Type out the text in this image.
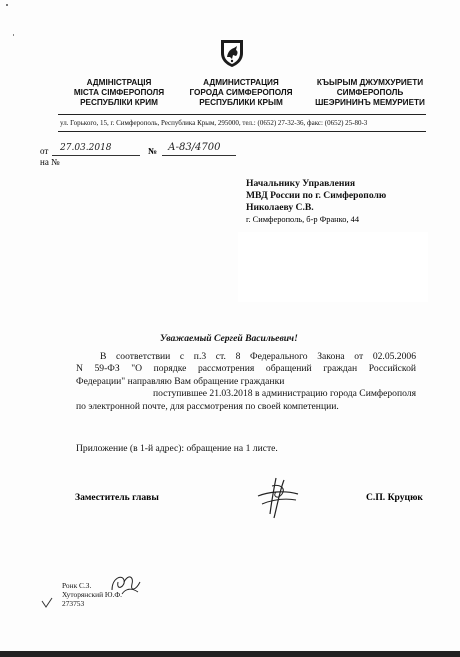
АДМІНІСТРАЦІЯ
МІСТА СІМФЕРОПОЛЯ
РЕСПУБЛІКИ КРИМ
АДМИНИСТРАЦИЯ
ГОРОДА СИМФЕРОПОЛЯ
РЕСПУБЛИКИ КРЫМ
КЪЫРЫМ ДЖУМХУРИЕТИ
СИМФЕРОПОЛЬ
ШЕЭРИНИНЪ МЕМУРИЕТИ
ул. Горького, 15, г. Симферополь, Республика Крым, 295000, тел.: (0652) 27-32-36, факс: (0652) 25-80-3
от 27.03.2018	№ А-83/4700
на №
Начальнику Управления
МВД России по г. Симферополю
Николаеву С.В.
г. Симферополь, б-р Франко, 44
Уважаемый Сергей Васильевич!
В соответствии с п.3 ст. 8 Федерального Закона от 02.05.2006
N 59-ФЗ "О порядке рассмотрения обращений граждан Российской
Федерации" направляю Вам обращение гражданки
поступившее 21.03.2018 в администрацию города Симферополя
по электронной почте, для рассмотрения по своей компетенции.
Приложение (в 1-й адрес): обращение на 1 листе.
Заместитель главы	С.П. Круцюк
Ронк С.З.
Хуторянский Ю.Ф.
273753
